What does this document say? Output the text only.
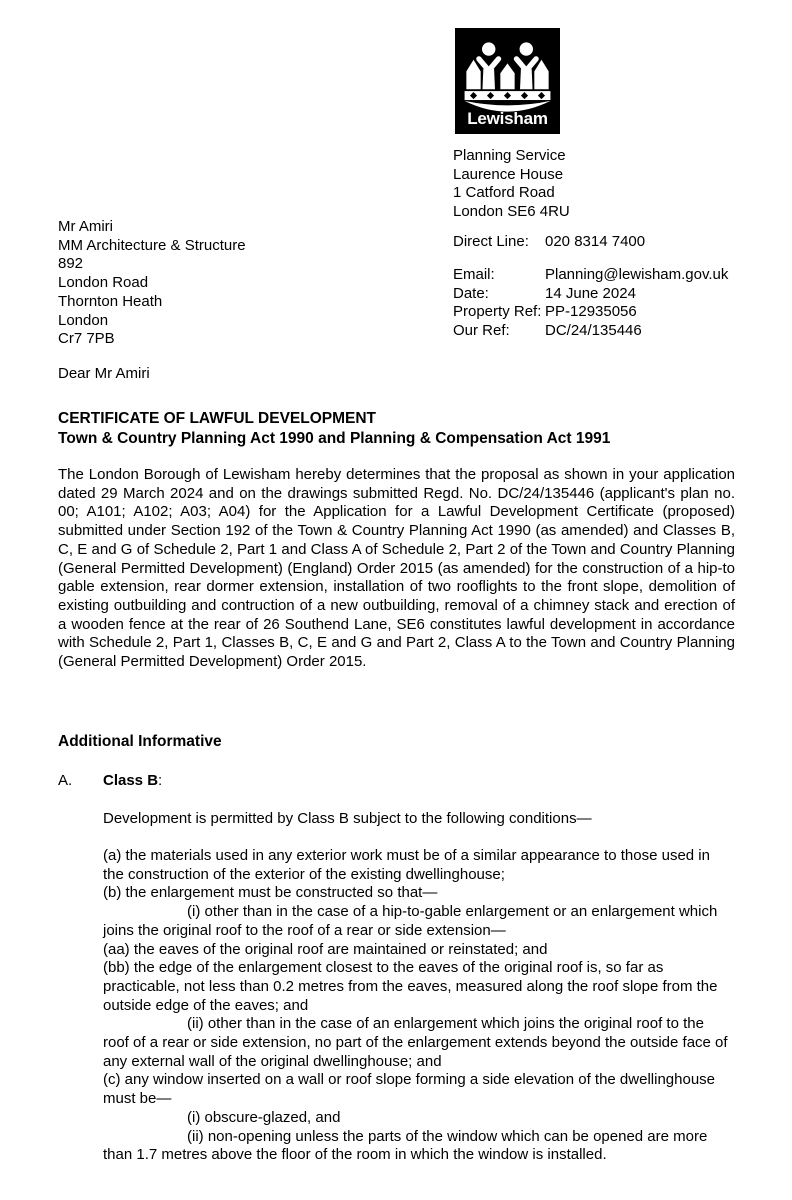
Lewisham
Planning Service
Laurence House
1 Catford Road
London SE6 4RU
Direct Line:	020 8314 7400
Email:	Planning@lewisham.gov.uk
Date:	14 June 2024
Property Ref: PP-12935056
Our Ref:	DC/24/135446
Mr Amiri
MM Architecture & Structure
892
London Road
Thornton Heath
London
Cr7 7PB
Dear Mr Amiri
CERTIFICATE OF LAWFUL DEVELOPMENT
Town & Country Planning Act 1990 and Planning & Compensation Act 1991
The London Borough of Lewisham hereby determines that the proposal as shown in your application dated 29 March 2024 and on the drawings submitted Regd. No. DC/24/135446 (applicant's plan no. 00; A101; A102; A03; A04) for the Application for a Lawful Development Certificate (proposed) submitted under Section 192 of the Town & Country Planning Act 1990 (as amended) and Classes B, C, E and G of Schedule 2, Part 1 and Class A of Schedule 2, Part 2 of the Town and Country Planning (General Permitted Development) (England) Order 2015 (as amended) for the construction of a hip-to gable extension, rear dormer extension, installation of two rooflights to the front slope, demolition of existing outbuilding and contruction of a new outbuilding, removal of a chimney stack and erection of a wooden fence at the rear of 26 Southend Lane, SE6 constitutes lawful development in accordance with Schedule 2, Part 1, Classes B, C, E and G and Part 2, Class A to the Town and Country Planning (General Permitted Development) Order 2015.
Additional Informative
A.	Class B:
Development is permitted by Class B subject to the following conditions—

(a) the materials used in any exterior work must be of a similar appearance to those used in the construction of the exterior of the existing dwellinghouse;

(b) the enlargement must be constructed so that—

(i) other than in the case of a hip-to-gable enlargement or an enlargement which joins the original roof to the roof of a rear or side extension—

(aa) the eaves of the original roof are maintained or reinstated; and

(bb) the edge of the enlargement closest to the eaves of the original roof is, so far as practicable, not less than 0.2 metres from the eaves, measured along the roof slope from the outside edge of the eaves; and

(ii) other than in the case of an enlargement which joins the original roof to the roof of a rear or side extension, no part of the enlargement extends beyond the outside face of any external wall of the original dwellinghouse; and

(c) any window inserted on a wall or roof slope forming a side elevation of the dwellinghouse must be—

(i) obscure-glazed, and

(ii) non-opening unless the parts of the window which can be opened are more than 1.7 metres above the floor of the room in which the window is installed.
